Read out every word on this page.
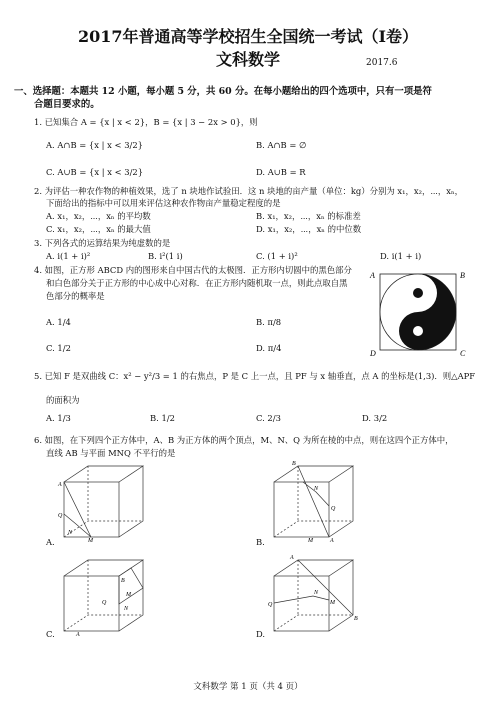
2017年普通高等学校招生全国统一考试（I卷）
文科数学	2017.6
一、选择题：本题共 12 小题，每小题 5 分，共 60 分。在每小题给出的四个选项中，只有一项是符
合题目要求的。
1. 已知集合 A = {x | x < 2}，B = {x | 3 − 2x > 0}，则
A. A∩B = {x | x < 3/2}	B. A∩B = ∅
C. A∪B = {x | x < 3/2}	D. A∪B = R
2. 为评估一种农作物的种植效果，选了 n 块地作试验田．这 n 块地的亩产量（单位：kg）分别为 x₁，x₂，⋯，xₙ，
下面给出的指标中可以用来评估这种农作物亩产量稳定程度的是
A. x₁，x₂，⋯，xₙ 的平均数	B. x₁，x₂，⋯，xₙ 的标准差
C. x₁，x₂，⋯，xₙ 的最大值	D. x₁，x₂，⋯，xₙ 的中位数
3. 下列各式的运算结果为纯虚数的是
A. i(1 + i)²	B. i²(1 i)	C. (1 + i)²	D. i(1 + i)
4. 如图，正方形 ABCD 内的图形来自中国古代的太极图．正方形内切圆中的黑色部分
和白色部分关于正方形的中心成中心对称．在正方形内随机取一点，则此点取自黑
色部分的概率是
A. 1/4	B. π/8
C. 1/2	D. π/4
A	B
C
D
5. 已知 F 是双曲线 C：x² − y²/3 = 1 的右焦点，P 是 C 上一点，且 PF 与 x 轴垂直，点 A 的坐标是(1,3)．则△APF
的面积为
A. 1/3	B. 1/2	C. 2/3	D. 3/2
6. 如图，在下列四个正方体中，A、B 为正方体的两个顶点，M、N、Q 为所在棱的中点，则在这四个正方体中，
直线 AB 与平面 MNQ 不平行的是
A
Q
M
N
A.
B
N
Q
M	A
B.
B
M
N
Q
A
C.
A
N
M
Q
B
D.
文科数学 第 1 页（共 4 页）
